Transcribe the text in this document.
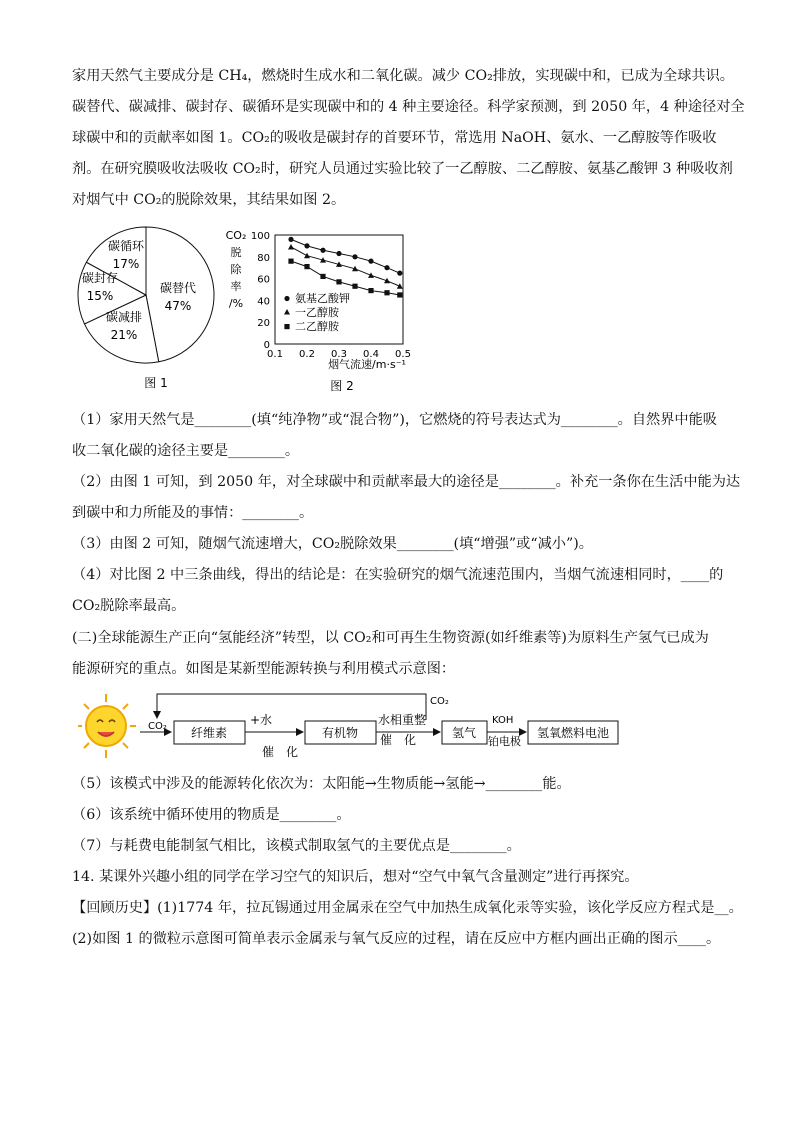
家用天然气主要成分是 CH₄，燃烧时生成水和二氧化碳。减少 CO₂排放，实现碳中和，已成为全球共识。
碳替代、碳减排、碳封存、碳循环是实现碳中和的 4 种主要途径。科学家预测，到 2050 年，4 种途径对全
球碳中和的贡献率如图 1。CO₂的吸收是碳封存的首要环节，常选用 NaOH、氨水、一乙醇胺等作吸收
剂。在研究膜吸收法吸收 CO₂时，研究人员通过实验比较了一乙醇胺、二乙醇胺、氨基乙酸钾 3 种吸收剂
对烟气中 CO₂的脱除效果，其结果如图 2。
碳替代
47%
碳减排
21%
碳封存
15%
碳循环
17%
图 1
CO₂
脱
除
率
/%
0
20
40
60
80
100
0.1 0.2 0.3 0.4 0.5
氨基乙酸钾
一乙醇胺
二乙醇胺
烟气流速/m·s⁻¹
图 2
（1）家用天然气是________(填“纯净物”或“混合物”)，它燃烧的符号表达式为________。自然界中能吸
收二氧化碳的途径主要是________。
（2）由图 1 可知，到 2050 年，对全球碳中和贡献率最大的途径是________。补充一条你在生活中能为达
到碳中和力所能及的事情：________。
（3）由图 2 可知，随烟气流速增大，CO₂脱除效果________(填“增强”或“减小”)。
（4）对比图 2 中三条曲线，得出的结论是：在实验研究的烟气流速范围内，当烟气流速相同时，____的
CO₂脱除率最高。
(二)全球能源生产正向“氢能经济”转型，以 CO₂和可再生生物资源(如纤维素等)为原料生产氢气已成为
能源研究的重点。如图是某新型能源转换与利用模式示意图：
CO₂
CO₂ 纤维素
+水
催　化
有机物
水相重整
催　化	氢气
KOH
铂电极
氢氧燃料电池
（5）该模式中涉及的能源转化依次为：太阳能→生物质能→氢能→________能。
（6）该系统中循环使用的物质是________。
（7）与耗费电能制氢气相比，该模式制取氢气的主要优点是________。
14. 某课外兴趣小组的同学在学习空气的知识后，想对“空气中氧气含量测定”进行再探究。
【回顾历史】(1)1774 年，拉瓦锡通过用金属汞在空气中加热生成氧化汞等实验，该化学反应方程式是__。
(2)如图 1 的微粒示意图可简单表示金属汞与氧气反应的过程，请在反应中方框内画出正确的图示____。
